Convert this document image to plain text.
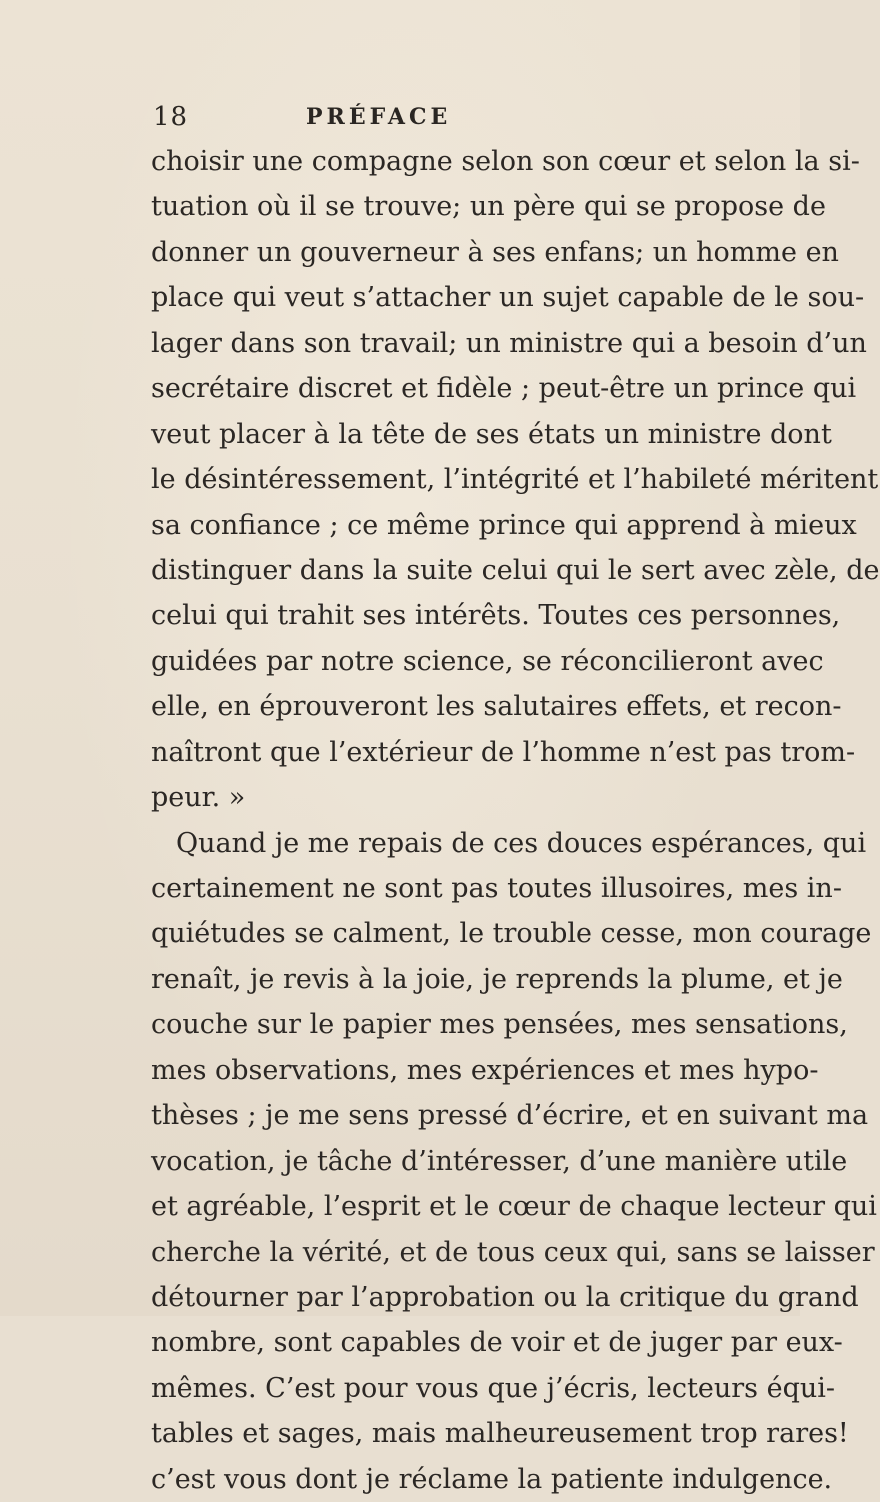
18	PRÉFACE
choisir une compagne selon son cœur et selon la si-
tuation où il se trouve; un père qui se propose de
donner un gouverneur à ses enfans; un homme en
place qui veut s’attacher un sujet capable de le sou-
lager dans son travail; un ministre qui a besoin d’un
secrétaire discret et fidèle ; peut-être un prince qui
veut placer à la tête de ses états un ministre dont
le désintéressement, l’intégrité et l’habileté méritent
sa confiance ; ce même prince qui apprend à mieux
distinguer dans la suite celui qui le sert avec zèle, de
celui qui trahit ses intérêts. Toutes ces personnes,
guidées par notre science, se réconcilieront avec
elle, en éprouveront les salutaires effets, et recon-
naîtront que l’extérieur de l’homme n’est pas trom-
peur. »
Quand je me repais de ces douces espérances, qui
certainement ne sont pas toutes illusoires, mes in-
quiétudes se calment, le trouble cesse, mon courage
renaît, je revis à la joie, je reprends la plume, et je
couche sur le papier mes pensées, mes sensations,
mes observations, mes expériences et mes hypo-
thèses ; je me sens pressé d’écrire, et en suivant ma
vocation, je tâche d’intéresser, d’une manière utile
et agréable, l’esprit et le cœur de chaque lecteur qui
cherche la vérité, et de tous ceux qui, sans se laisser
détourner par l’approbation ou la critique du grand
nombre, sont capables de voir et de juger par eux-
mêmes. C’est pour vous que j’écris, lecteurs équi-
tables et sages, mais malheureusement trop rares!
c’est vous dont je réclame la patiente indulgence.
